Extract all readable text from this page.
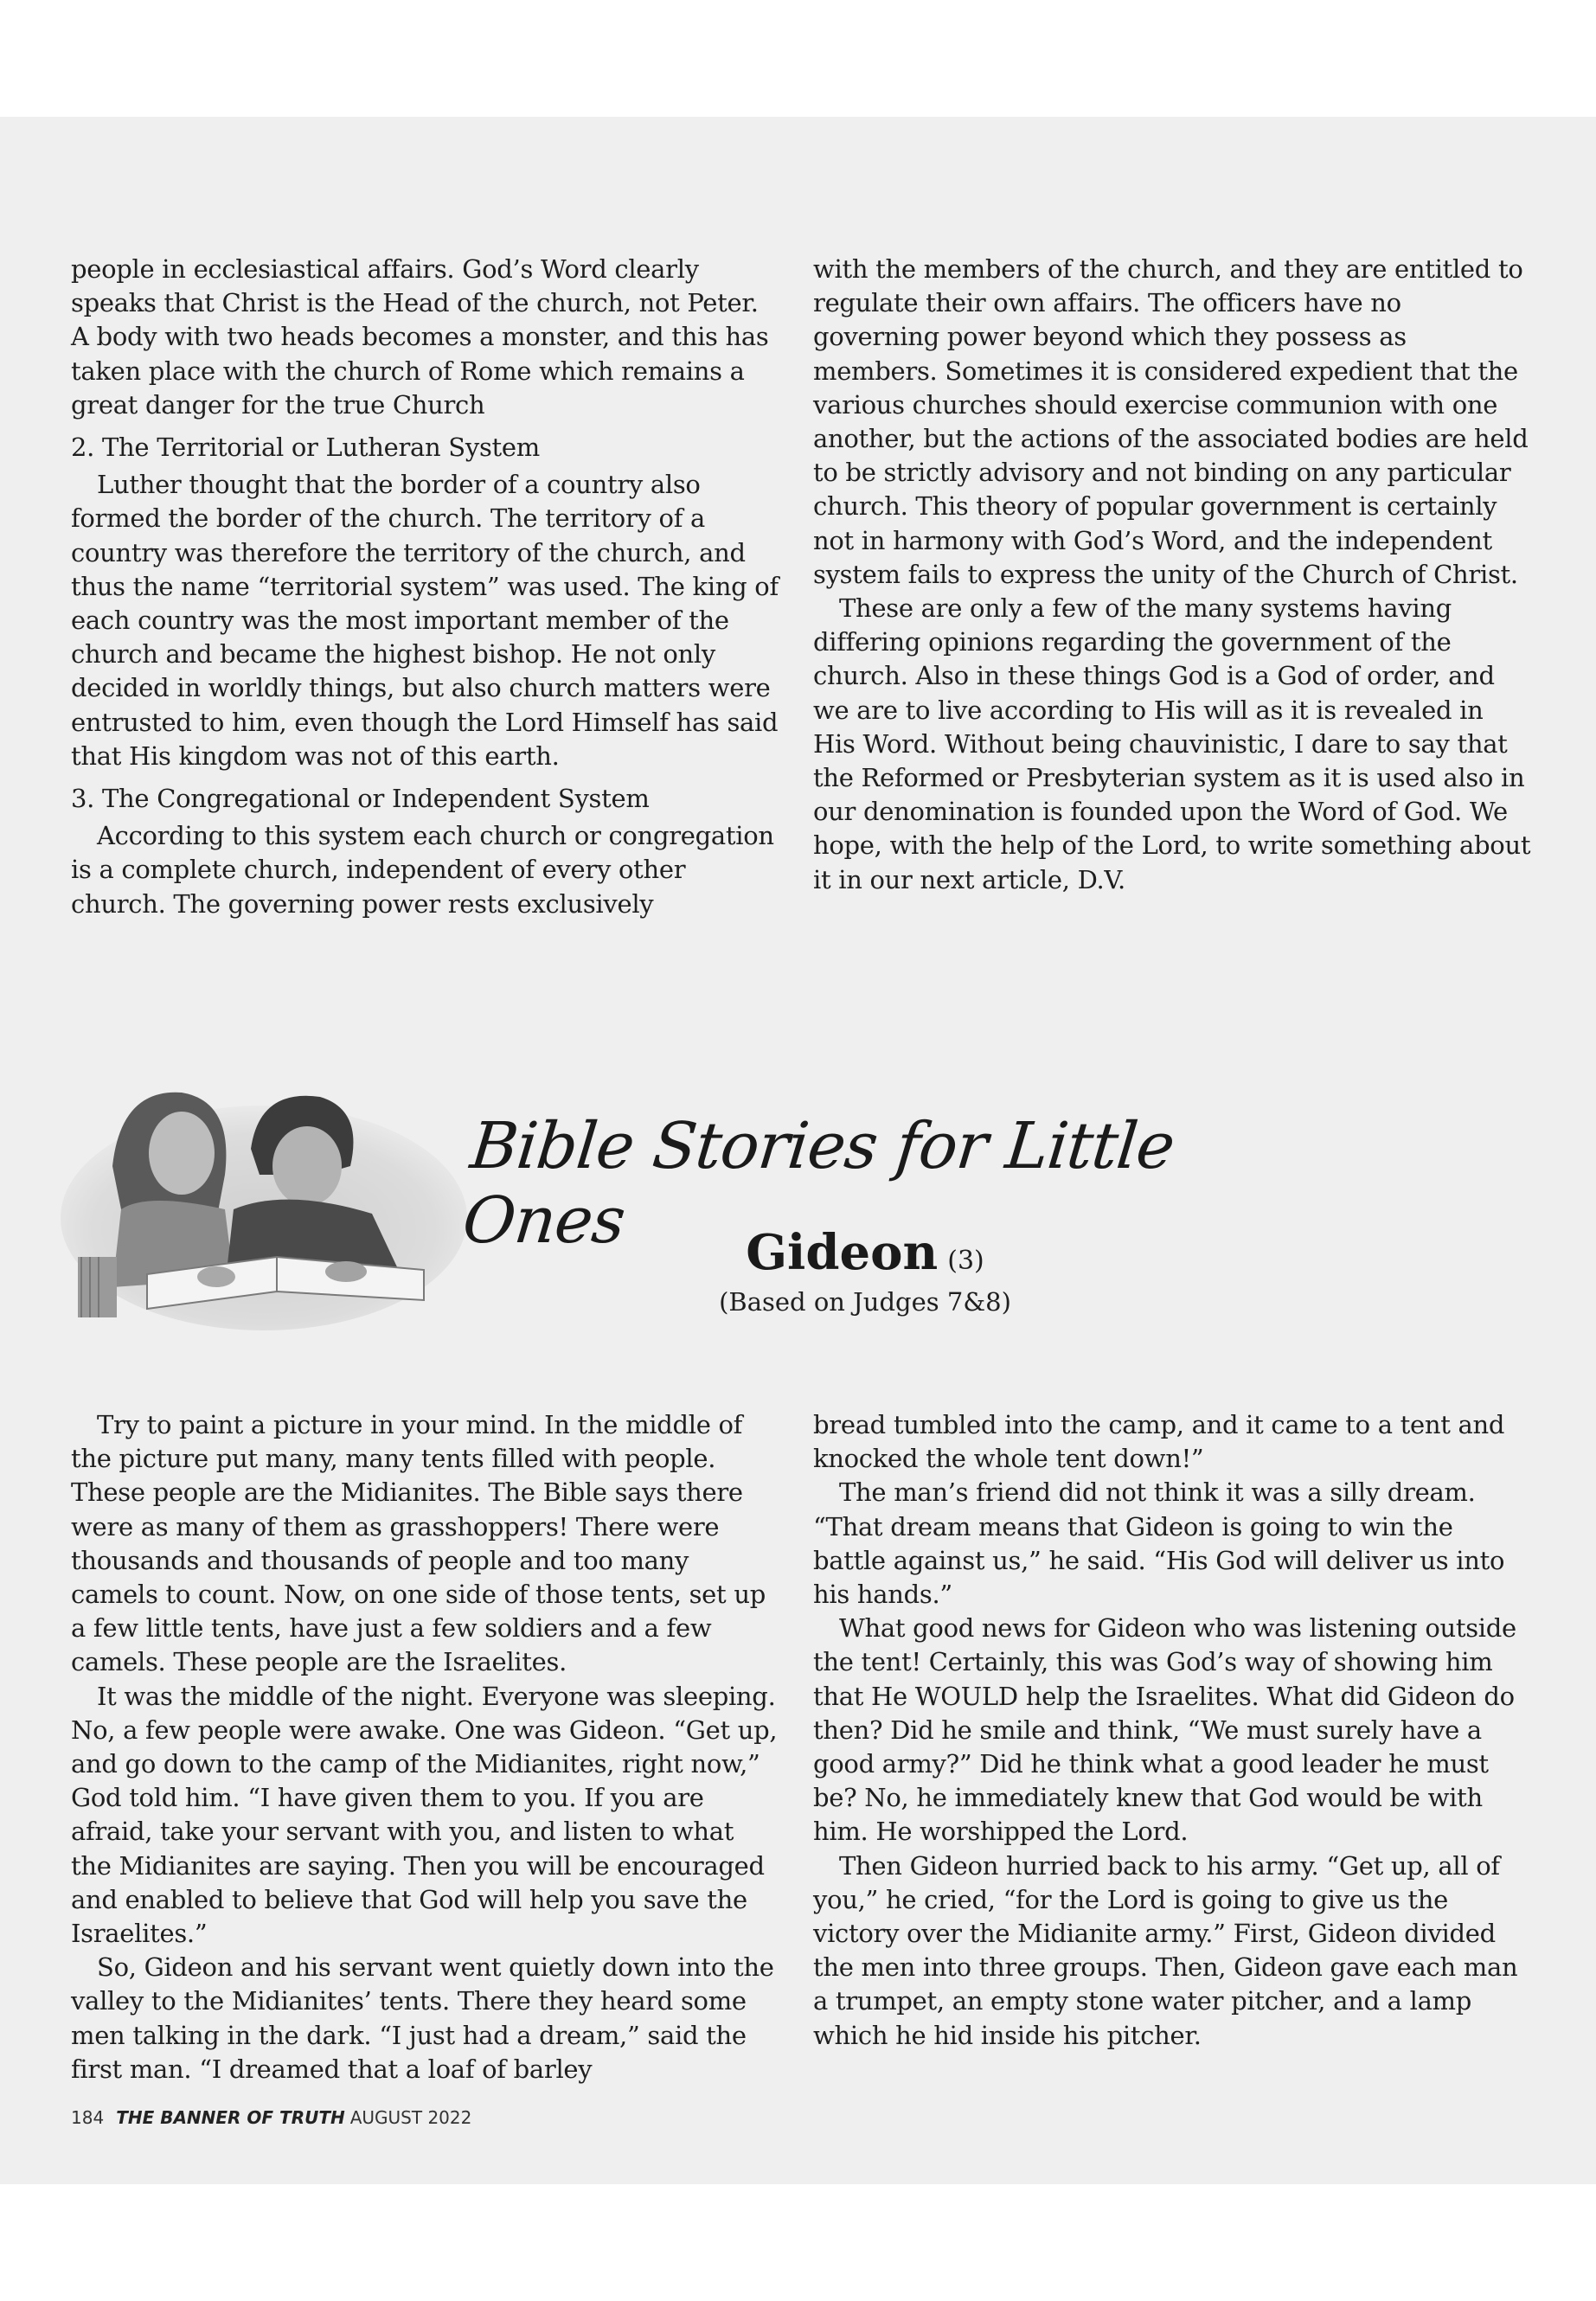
people in ecclesiastical affairs. God’s Word clearly speaks that Christ is the Head of the church, not Peter. A body with two heads becomes a monster, and this has taken place with the church of Rome which remains a great danger for the true Church

2. The Territorial or Lutheran System

Luther thought that the border of a country also formed the border of the church. The territory of a country was therefore the territory of the church, and thus the name “territorial system” was used. The king of each country was the most important member of the church and became the highest bishop. He not only decided in worldly things, but also church matters were entrusted to him, even though the Lord Himself has said that His kingdom was not of this earth.

3. The Congregational or Independent System

According to this system each church or congregation is a complete church, independent of every other church. The governing power rests exclusively

with the members of the church, and they are entitled to regulate their own affairs. The officers have no governing power beyond which they possess as members. Sometimes it is considered expedient that the various churches should exercise communion with one another, but the actions of the associated bodies are held to be strictly advisory and not binding on any particular church. This theory of popular government is certainly not in harmony with God’s Word, and the independent system fails to express the unity of the Church of Christ.

These are only a few of the many systems having differing opinions regarding the government of the church. Also in these things God is a God of order, and we are to live according to His will as it is revealed in His Word. Without being chauvinistic, I dare to say that the Reformed or Presbyterian system as it is used also in our denomination is founded upon the Word of God. We hope, with the help of the Lord, to write something about it in our next article, D.V.

Bible Stories for Little Ones	Gideon (3)
(Based on Judges 7&8)

Try to paint a picture in your mind. In the middle of the picture put many, many tents filled with people. These people are the Midianites. The Bible says there were as many of them as grasshoppers! There were thousands and thousands of people and too many camels to count. Now, on one side of those tents, set up a few little tents, have just a few soldiers and a few camels. These people are the Israelites.

It was the middle of the night. Everyone was sleeping. No, a few people were awake. One was Gideon. “Get up, and go down to the camp of the Midianites, right now,” God told him. “I have given them to you. If you are afraid, take your servant with you, and listen to what the Midianites are saying. Then you will be encouraged and enabled to believe that God will help you save the Israelites.”

So, Gideon and his servant went quietly down into the valley to the Midianites’ tents. There they heard some men talking in the dark. “I just had a dream,” said the first man. “I dreamed that a loaf of barley

bread tumbled into the camp, and it came to a tent and knocked the whole tent down!”

The man’s friend did not think it was a silly dream. “That dream means that Gideon is going to win the battle against us,” he said. “His God will deliver us into his hands.”

What good news for Gideon who was listening outside the tent! Certainly, this was God’s way of showing him that He WOULD help the Israelites. What did Gideon do then? Did he smile and think, “We must surely have a good army?” Did he think what a good leader he must be? No, he immediately knew that God would be with him. He worshipped the Lord.

Then Gideon hurried back to his army. “Get up, all of you,” he cried, “for the Lord is going to give us the victory over the Midianite army.” First, Gideon divided the men into three groups. Then, Gideon gave each man a trumpet, an empty stone water pitcher, and a lamp which he hid inside his pitcher.

184 THE BANNER OF TRUTH AUGUST 2022
